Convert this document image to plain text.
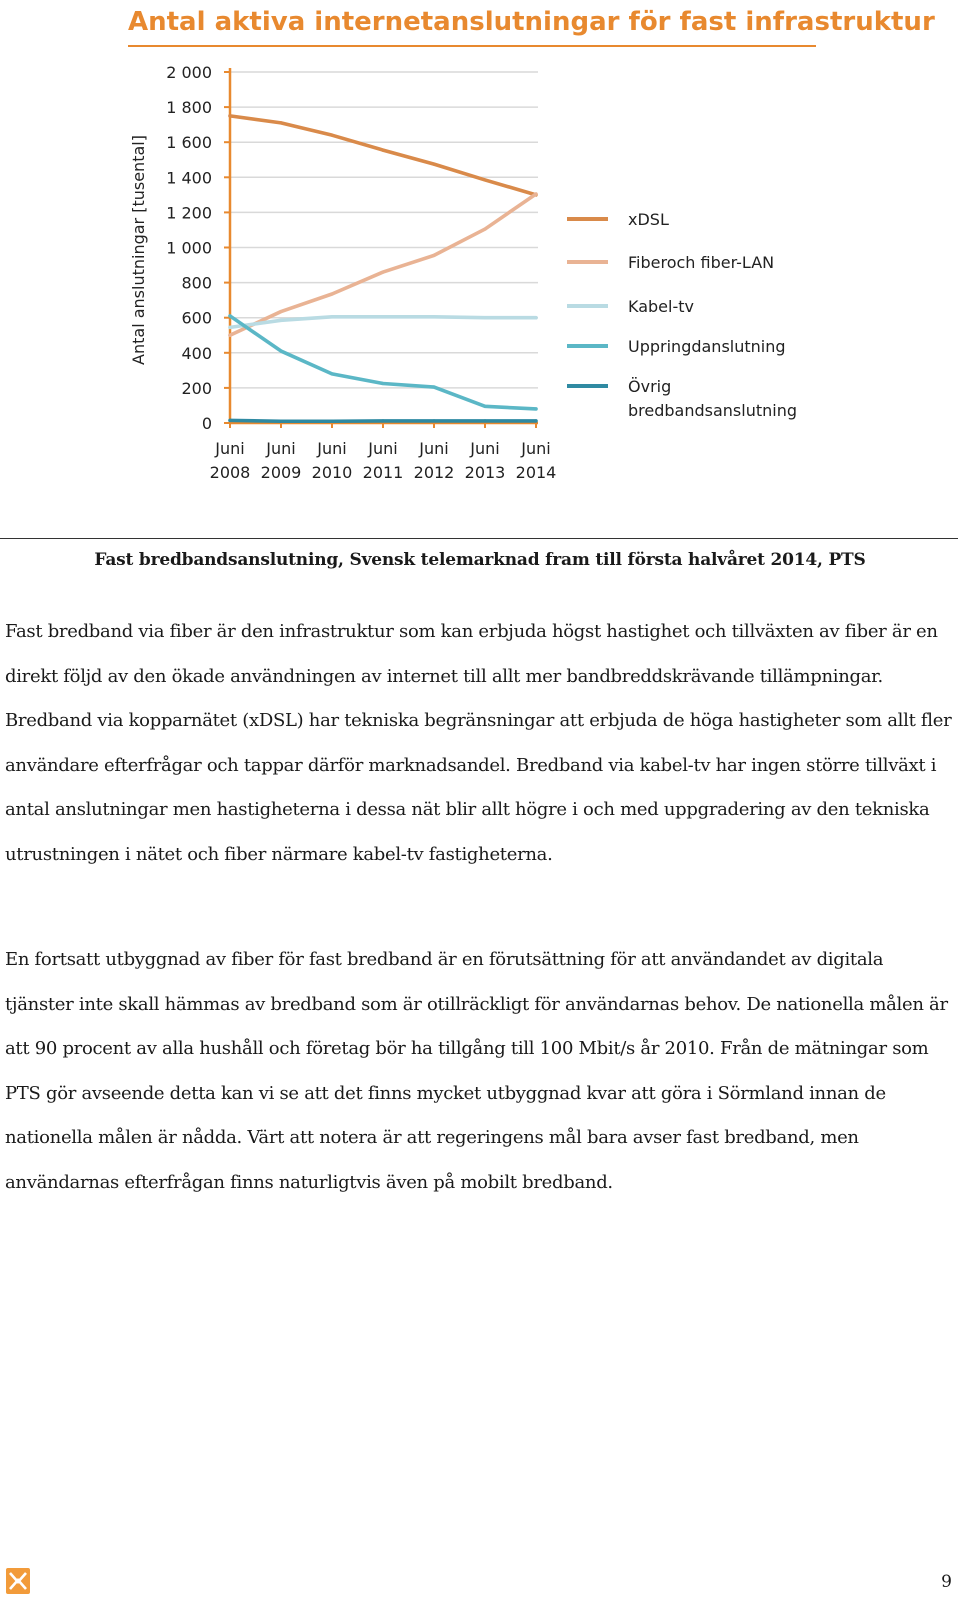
Antal aktiva internetanslutningar för fast infrastruktur
Antal anslutningar [tusental]
2 000
1 800
1 600
1 400
1 200
1 000
800
600
400
200
0
Juni
2008
Juni
2009
Juni
2010
Juni
2011
Juni
2012
Juni
2013
Juni
2014
xDSL
Fiberoch fiber-LAN
Kabel-tv
Uppringdanslutning
Övrig
bredbandsanslutning
Fast bredbandsanslutning, Svensk telemarknad fram till första halvåret 2014, PTS

Fast bredband via fiber är den infrastruktur som kan erbjuda högst hastighet och tillväxten av fiber är en direkt följd av den ökade användningen av internet till allt mer bandbreddskrävande tillämpningar. Bredband via kopparnätet (xDSL) har tekniska begränsningar att erbjuda de höga hastigheter som allt fler användare efterfrågar och tappar därför marknadsandel. Bredband via kabel-tv har ingen större tillväxt i antal anslutningar men hastigheterna i dessa nät blir allt högre i och med uppgradering av den tekniska utrustningen i nätet och fiber närmare kabel-tv fastigheterna.

En fortsatt utbyggnad av fiber för fast bredband är en förutsättning för att användandet av digitala tjänster inte skall hämmas av bredband som är otillräckligt för användarnas behov. De nationella målen är att 90 procent av alla hushåll och företag bör ha tillgång till 100 Mbit/s år 2010. Från de mätningar som PTS gör avseende detta kan vi se att det finns mycket utbyggnad kvar att göra i Sörmland innan de nationella målen är nådda. Värt att notera är att regeringens mål bara avser fast bredband, men användarnas efterfrågan finns naturligtvis även på mobilt bredband.

9
